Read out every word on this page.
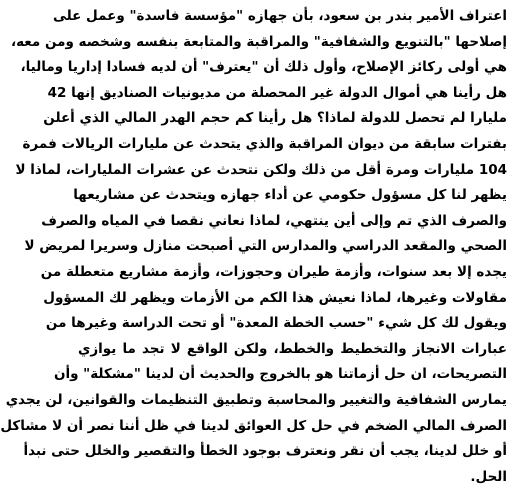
اعتراف الأمير بندر بن سعود، بأن جهازه "مؤسسة فاسدة" وعمل على
إصلاحها "بالتنويع والشفافية" والمراقبة والمتابعة بنفسه وشخصه ومن معه،
هي أولى ركائز الإصلاح، وأول ذلك أن "يعترف" أن لديه فسادا إداريا وماليا،
هل رأينا هي أموال الدولة غير المحصلة من مديونيات الصناديق إنها 42
مليارا لم تحصل للدولة لماذا؟ هل رأينا كم حجم الهدر المالي الذي أعلن
بفترات سابقة من ديوان المراقبة والذي يتحدث عن مليارات الريالات فمرة
104 مليارات ومرة أقل من ذلك ولكن نتحدث عن عشرات المليارات، لماذا لا
يظهر لنا كل مسؤول حكومي عن أداء جهازه ويتحدث عن مشاريعها
والصرف الذي تم وإلى أين ينتهي، لماذا نعاني نقصا في المياه والصرف
الصحي والمقعد الدراسي والمدارس التي أصبحت منازل وسريرا لمريض لا
يجده إلا بعد سنوات، وأزمة طيران وحجوزات، وأزمة مشاريع متعطلة من
مقاولات وغيرها، لماذا نعيش هذا الكم من الأزمات ويظهر لك المسؤول
ويقول لك كل شيء "حسب الخطة المعدة" أو تحت الدراسة وغيرها من
عبارات الانجاز والتخطيط والخطط، ولكن الواقع لا تجد ما يوازي
التصريحات، ان حل أزماتنا هو بالخروج والحديث أن لدينا "مشكلة" وأن
يمارس الشفافية والتغيير والمحاسبة وتطبيق التنظيمات والقوانين، لن يجدي
الصرف المالي الضخم في حل كل العوائق لدينا في ظل أننا نصر أن لا مشاكل
أو خلل لدينا، يجب أن نقر ونعترف بوجود الخطأ والتقصير والخلل حتى نبدأ
الحل.
